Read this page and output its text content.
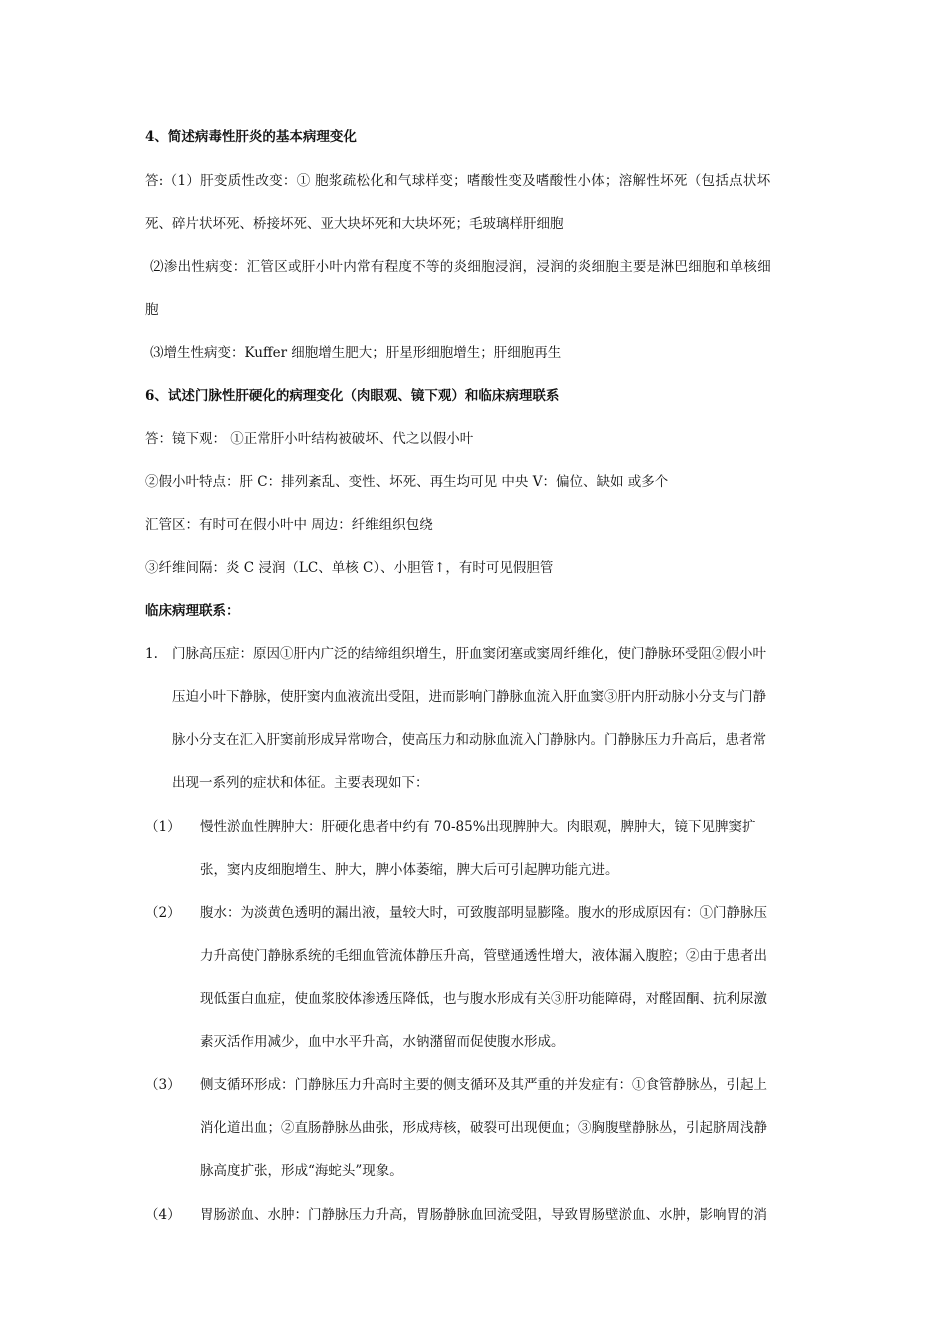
4、简述病毒性肝炎的基本病理变化
答:（1）肝变质性改变：① 胞浆疏松化和气球样变；嗜酸性变及嗜酸性小体；溶解性坏死（包括点状坏
死、碎片状坏死、桥接坏死、亚大块坏死和大块坏死；毛玻璃样肝细胞
⑵渗出性病变：汇管区或肝小叶内常有程度不等的炎细胞浸润，浸润的炎细胞主要是淋巴细胞和单核细
胞
⑶增生性病变：Kuffer 细胞增生肥大；肝星形细胞增生；肝细胞再生
6、试述门脉性肝硬化的病理变化（肉眼观、镜下观）和临床病理联系
答：镜下观： ①正常肝小叶结构被破坏、代之以假小叶
②假小叶特点：肝 C：排列紊乱、变性、坏死、再生均可见 中央 V：偏位、缺如 或多个
汇管区：有时可在假小叶中 周边：纤维组织包绕
③纤维间隔：炎 C 浸润（LC、单核 C）、小胆管↑，有时可见假胆管
临床病理联系：
1. 门脉高压症：原因①肝内广泛的结缔组织增生，肝血窦闭塞或窦周纤维化，使门静脉环受阻②假小叶
压迫小叶下静脉，使肝窦内血液流出受阻，进而影响门静脉血流入肝血窦③肝内肝动脉小分支与门静
脉小分支在汇入肝窦前形成异常吻合，使高压力和动脉血流入门静脉内。门静脉压力升高后，患者常
出现一系列的症状和体征。主要表现如下：
（1） 慢性淤血性脾肿大：肝硬化患者中约有 70-85%出现脾肿大。肉眼观，脾肿大，镜下见脾窦扩
张，窦内皮细胞增生、肿大，脾小体萎缩，脾大后可引起脾功能亢进。
（2） 腹水：为淡黄色透明的漏出液，量较大时，可致腹部明显膨隆。腹水的形成原因有：①门静脉压
力升高使门静脉系统的毛细血管流体静压升高，管壁通透性增大，液体漏入腹腔；②由于患者出
现低蛋白血症，使血浆胶体渗透压降低，也与腹水形成有关③肝功能障碍，对醛固酮、抗利尿激
素灭活作用减少，血中水平升高，水钠潴留而促使腹水形成。
（3） 侧支循环形成：门静脉压力升高时主要的侧支循环及其严重的并发症有：①食管静脉丛，引起上
消化道出血；②直肠静脉丛曲张，形成痔核，破裂可出现便血；③胸腹壁静脉丛，引起脐周浅静
脉高度扩张，形成“海蛇头”现象。
（4） 胃肠淤血、水肿：门静脉压力升高，胃肠静脉血回流受阻，导致胃肠壁淤血、水肿，影响胃的消
